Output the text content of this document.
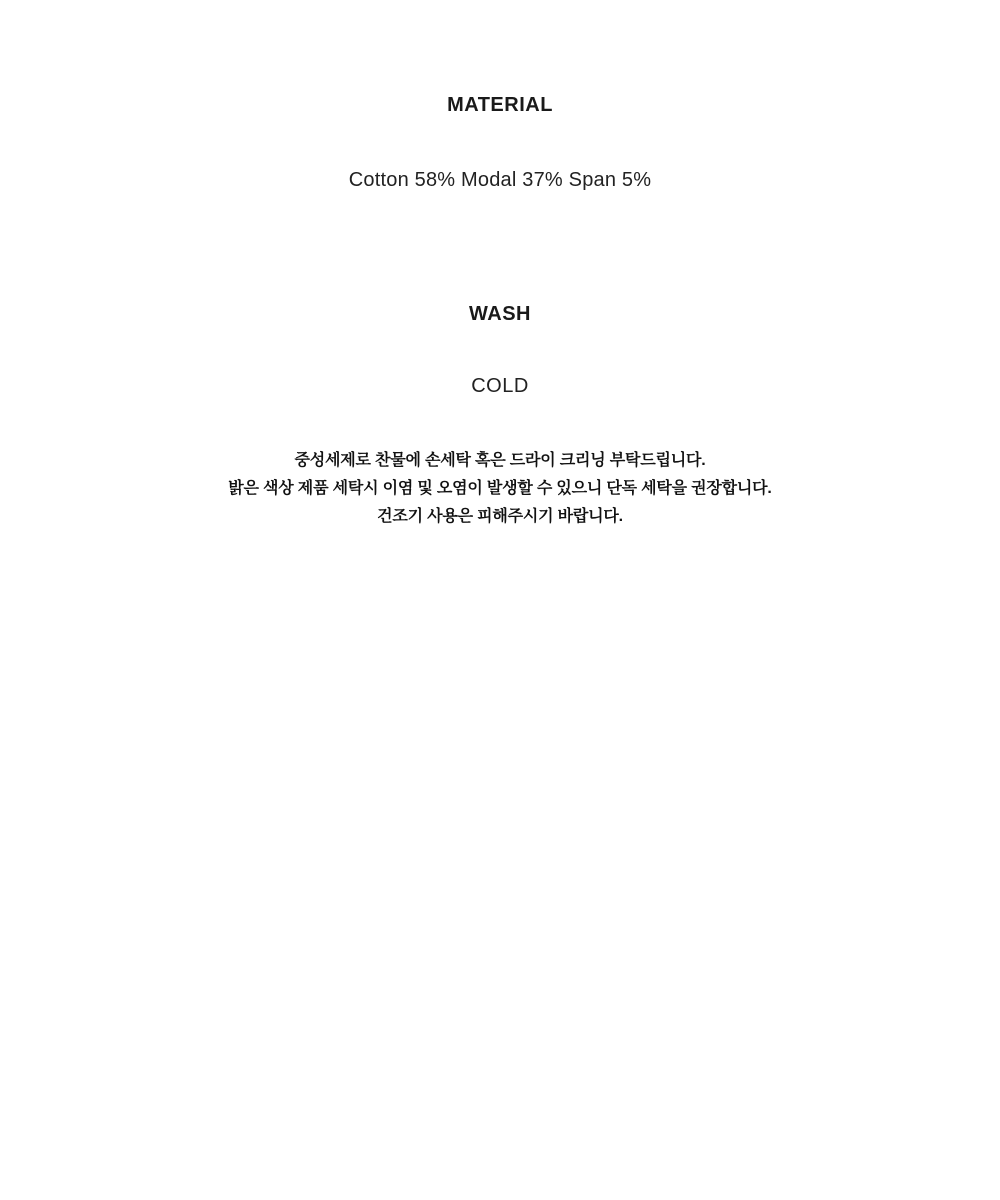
MATERIAL

Cotton 58% Modal 37% Span 5%

WASH

COLD

중성세제로 찬물에 손세탁 혹은 드라이 크리닝 부탁드립니다.

밝은 색상 제품 세탁시 이염 및 오염이 발생할 수 있으니 단독 세탁을 권장합니다.

건조기 사용은 피해주시기 바랍니다.
